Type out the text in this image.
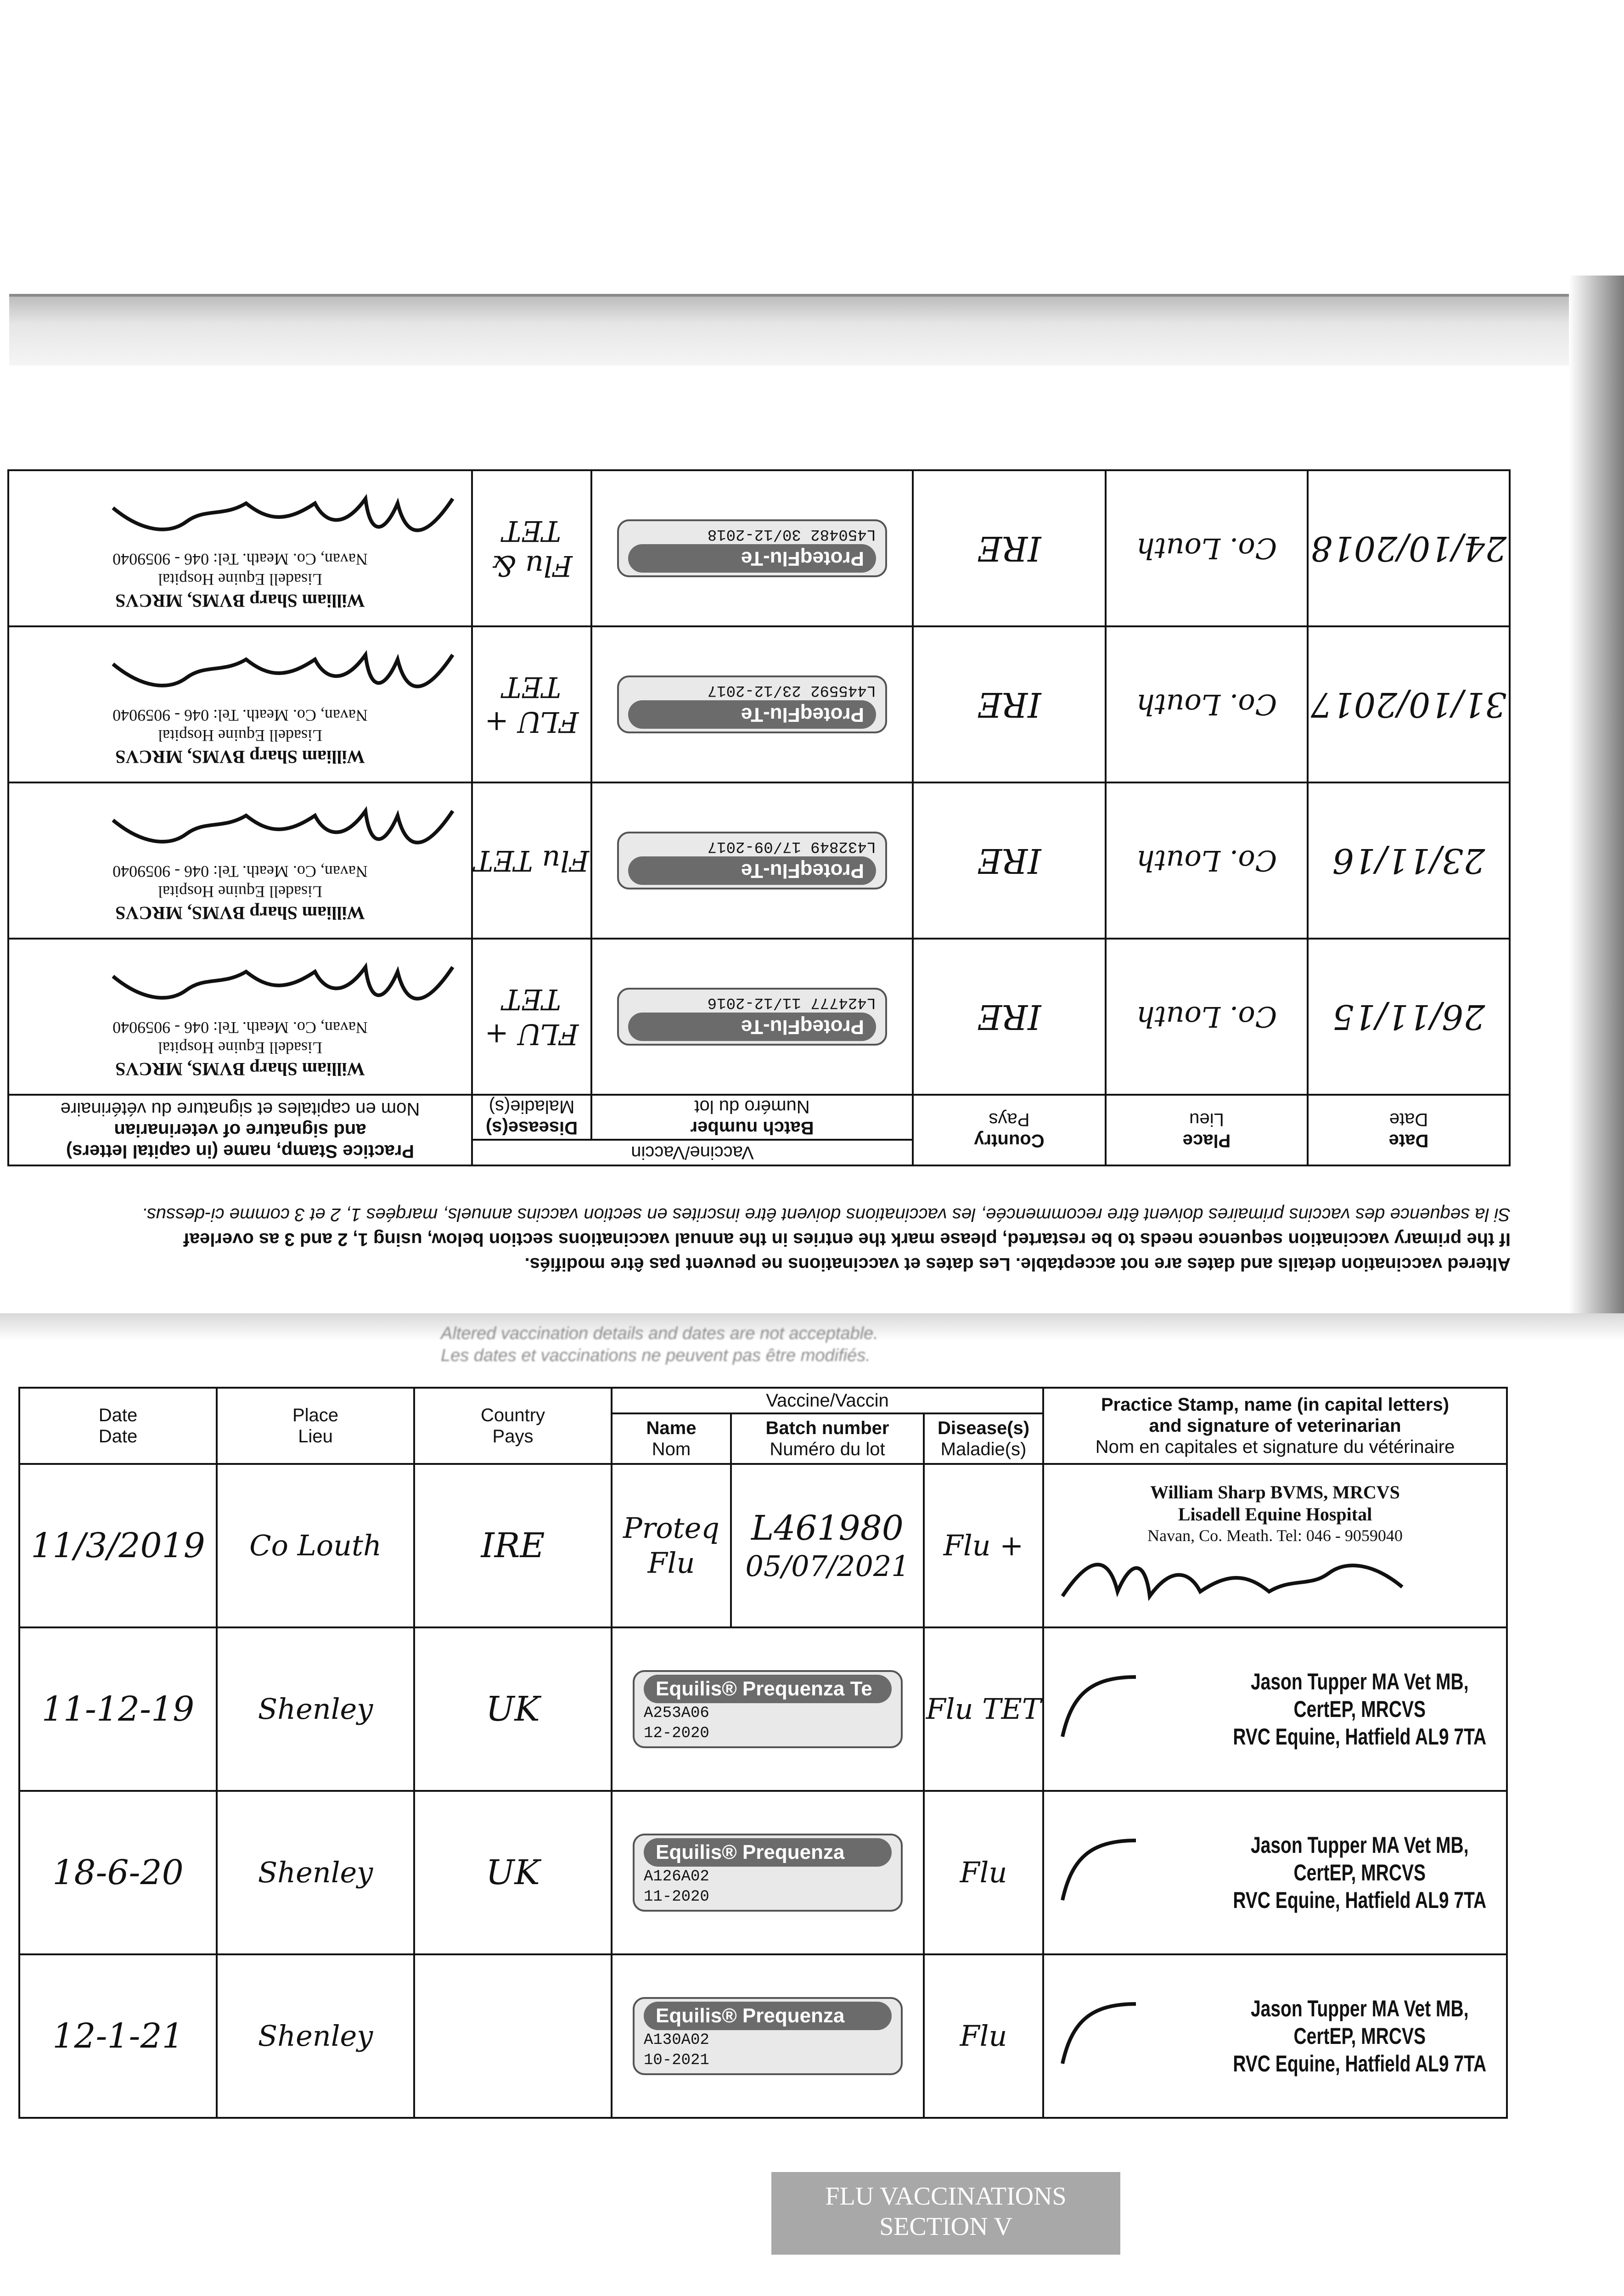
Altered vaccination details and dates are not acceptable. Les dates et vaccinations ne peuvent pas être modifiés.
If the primary vaccination sequence needs to be restarted, please mark the entries in the annual vaccinations section below, using 1, 2 and 3 as overleaf
Si la sequence des vaccins primaires doivent être recommencée, les vaccinations doivent être inscrites en section vaccins annuels, marqées 1, 2 et 3 comme ci-dessus.
Date
Date	Place
Lieu	Country
Pays	Vaccine/Vaccin		Practice Stamp, name (in capital letters)
and signature of veterinarian
Nom en capitales et signature du vétérinaire
			Batch number
Numéro du lot	Disease(s)
Maladie(s)	

26/11/15	Co. Louth	IRE	ProteqFlu-Te
L424777 11/12-2016	FLU + TET	William Sharp BVMS, MRCVS
Lisadell Equine Hospital
Navan, Co. Meath. Tel: 046 - 9059040

23/11/16	Co. Louth	IRE	ProteqFlu-Te
L432849 17/09-2017	Flu TET	William Sharp BVMS, MRCVS
Lisadell Equine Hospital
Navan, Co. Meath. Tel: 046 - 9059040

31/10/2017	Co. Louth	IRE	ProteqFlu-Te
L445592 23/12-2017	FLU + TET	William Sharp BVMS, MRCVS
Lisadell Equine Hospital
Navan, Co. Meath. Tel: 046 - 9059040

24/10/2018	Co. Louth	IRE	ProteqFlu-Te
L450482 30/12-2018	Flu & TET	William Sharp BVMS, MRCVS
Lisadell Equine Hospital
Navan, Co. Meath. Tel: 046 - 9059040
Altered vaccination details and dates are not acceptable.
Les dates et vaccinations ne peuvent pas être modifiés.
Date
Date	Place
Lieu	Country
Pays	Vaccine/Vaccin			Practice Stamp, name (in capital letters)
and signature of veterinarian
Nom en capitales et signature du vétérinaire
			Name
Nom	Batch number
Numéro du lot	Disease(s)
Maladie(s)	

11/3/2019	Co Louth	IRE	Proteq Flu	L461980
05/07/2021	Flu +	William Sharp BVMS, MRCVS
Lisadell Equine Hospital
Navan, Co. Meath. Tel: 046 - 9059040

11-12-19	Shenley	UK	Equilis® Prequenza Te
A253A06
12-2020		Flu TET	Jason Tupper MA Vet MB, CertEP, MRCVS
RVC Equine, Hatfield AL9 7TA

18-6-20	Shenley	UK	Equilis® Prequenza
A126A02
11-2020		Flu	Jason Tupper MA Vet MB, CertEP, MRCVS
RVC Equine, Hatfield AL9 7TA

12-1-21	Shenley		Equilis® Prequenza
A130A02
10-2021		Flu	Jason Tupper MA Vet MB, CertEP, MRCVS
RVC Equine, Hatfield AL9 7TA
FLU VACCINATIONS
SECTION V
